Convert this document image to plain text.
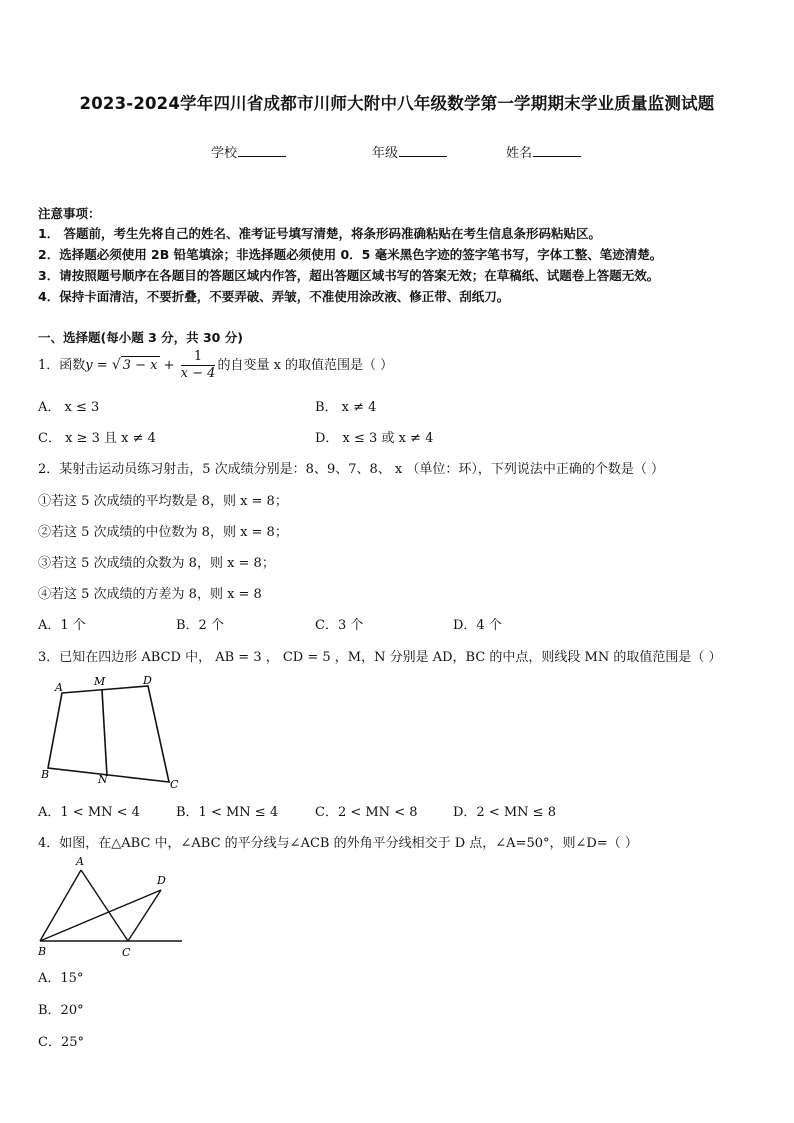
2023-2024学年四川省成都市川师大附中八年级数学第一学期期末学业质量监测试题
学校	年级	姓名
注意事项：
1． 答题前，考生先将自己的姓名、准考证号填写清楚，将条形码准确粘贴在考生信息条形码粘贴区。
2．选择题必须使用 2B 铅笔填涂；非选择题必须使用 0．5 毫米黑色字迹的签字笔书写，字体工整、笔迹清楚。
3．请按照题号顺序在各题目的答题区域内作答，超出答题区域书写的答案无效；在草稿纸、试题卷上答题无效。
4．保持卡面清洁，不要折叠，不要弄破、弄皱，不准使用涂改液、修正带、刮纸刀。
一、选择题(每小题 3 分，共 30 分)
1．函数y = √ $3 - x + \frac{1}{x - 4}$ 的自变量 x 的取值范围是（ ）
A． x ≤ 3	B． x ≠ 4
C． x ≥ 3 且 x ≠ 4	D． x ≤ 3 或 x ≠ 4
2．某射击运动员练习射击，5 次成绩分别是：8、9、7、8、 x （单位：环），下列说法中正确的个数是（ ）
①若这 5 次成绩的平均数是 8，则 x = 8；
②若这 5 次成绩的中位数为 8，则 x = 8；
③若这 5 次成绩的众数为 8，则 x = 8；
④若这 5 次成绩的方差为 8，则 x = 8
A．1 个	B．2 个	C．3 个	D．4 个
3．已知在四边形 ABCD 中， AB = 3 ， CD = 5 ，M，N 分别是 AD，BC 的中点，则线段 MN 的取值范围是（ ）
A	M	D
B	N	C
A．1 < MN < 4	B．1 < MN ≤ 4	C．2 < MN < 8	D．2 < MN ≤ 8
4．如图，在△ABC 中，∠ABC 的平分线与∠ACB 的外角平分线相交于 D 点，∠A=50°，则∠D=（ ）
A
D
B	C
A．15°
B．20°
C．25°
